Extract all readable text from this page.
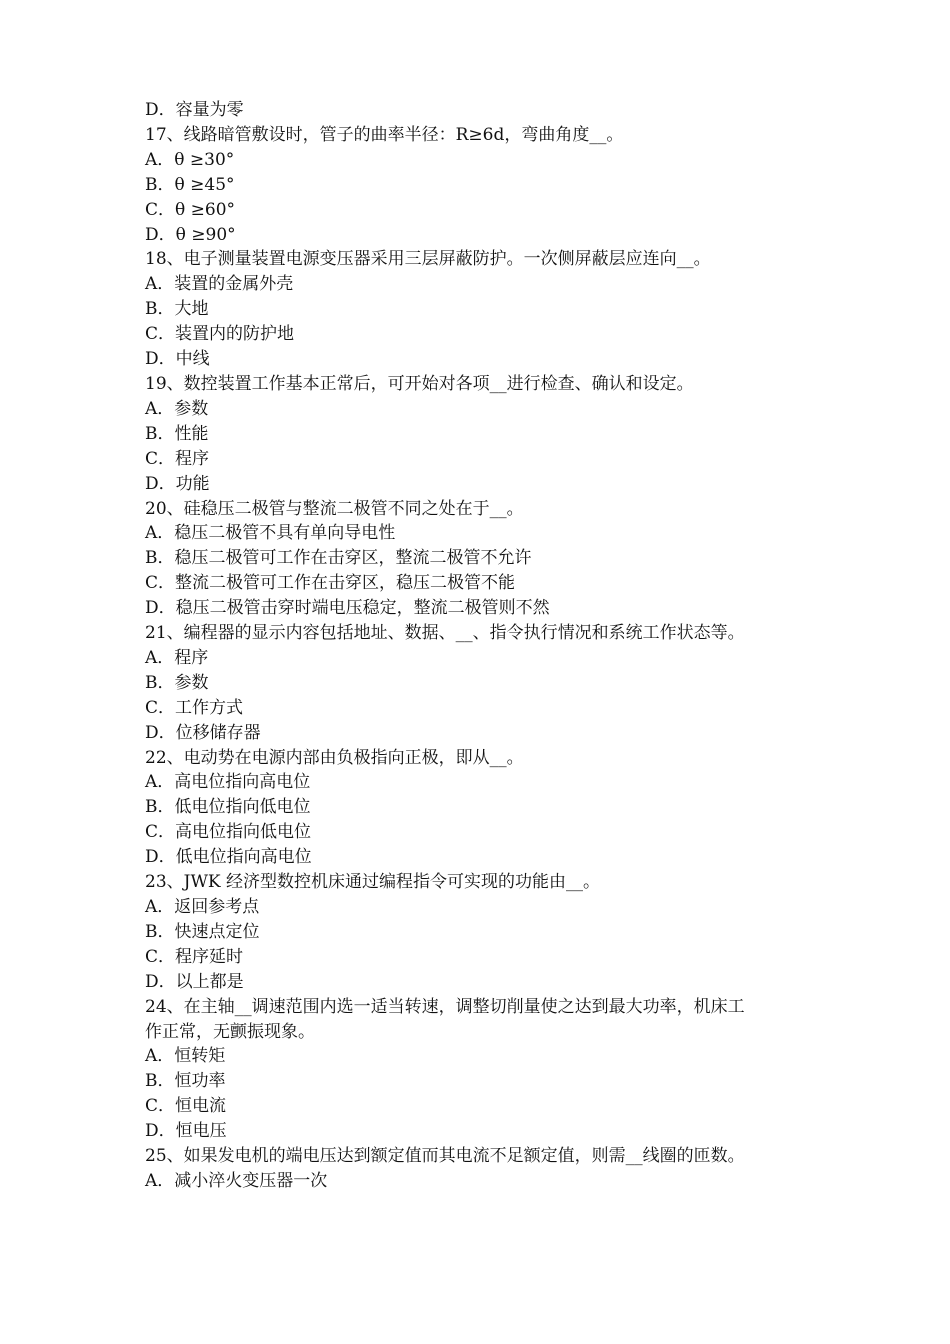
D．容量为零

17、线路暗管敷设时，管子的曲率半径：R≥6d，弯曲角度__。

A．θ ≥30°

B．θ ≥45°

C．θ ≥60°

D．θ ≥90°

18、电子测量装置电源变压器采用三层屏蔽防护。一次侧屏蔽层应连向__。

A．装置的金属外壳

B．大地

C．装置内的防护地

D．中线

19、数控装置工作基本正常后，可开始对各项__进行检查、确认和设定。

A．参数

B．性能

C．程序

D．功能

20、硅稳压二极管与整流二极管不同之处在于__。

A．稳压二极管不具有单向导电性

B．稳压二极管可工作在击穿区，整流二极管不允许

C．整流二极管可工作在击穿区，稳压二极管不能

D．稳压二极管击穿时端电压稳定，整流二极管则不然

21、编程器的显示内容包括地址、数据、__、指令执行情况和系统工作状态等。

A．程序

B．参数

C．工作方式

D．位移储存器

22、电动势在电源内部由负极指向正极，即从__。

A．高电位指向高电位

B．低电位指向低电位

C．高电位指向低电位

D．低电位指向高电位

23、JWK 经济型数控机床通过编程指令可实现的功能由__。

A．返回参考点

B．快速点定位

C．程序延时

D．以上都是

24、在主轴__调速范围内选一适当转速，调整切削量使之达到最大功率，机床工

作正常，无颤振现象。

A．恒转矩

B．恒功率

C．恒电流

D．恒电压

25、如果发电机的端电压达到额定值而其电流不足额定值，则需__线圈的匝数。

A．减小淬火变压器一次
